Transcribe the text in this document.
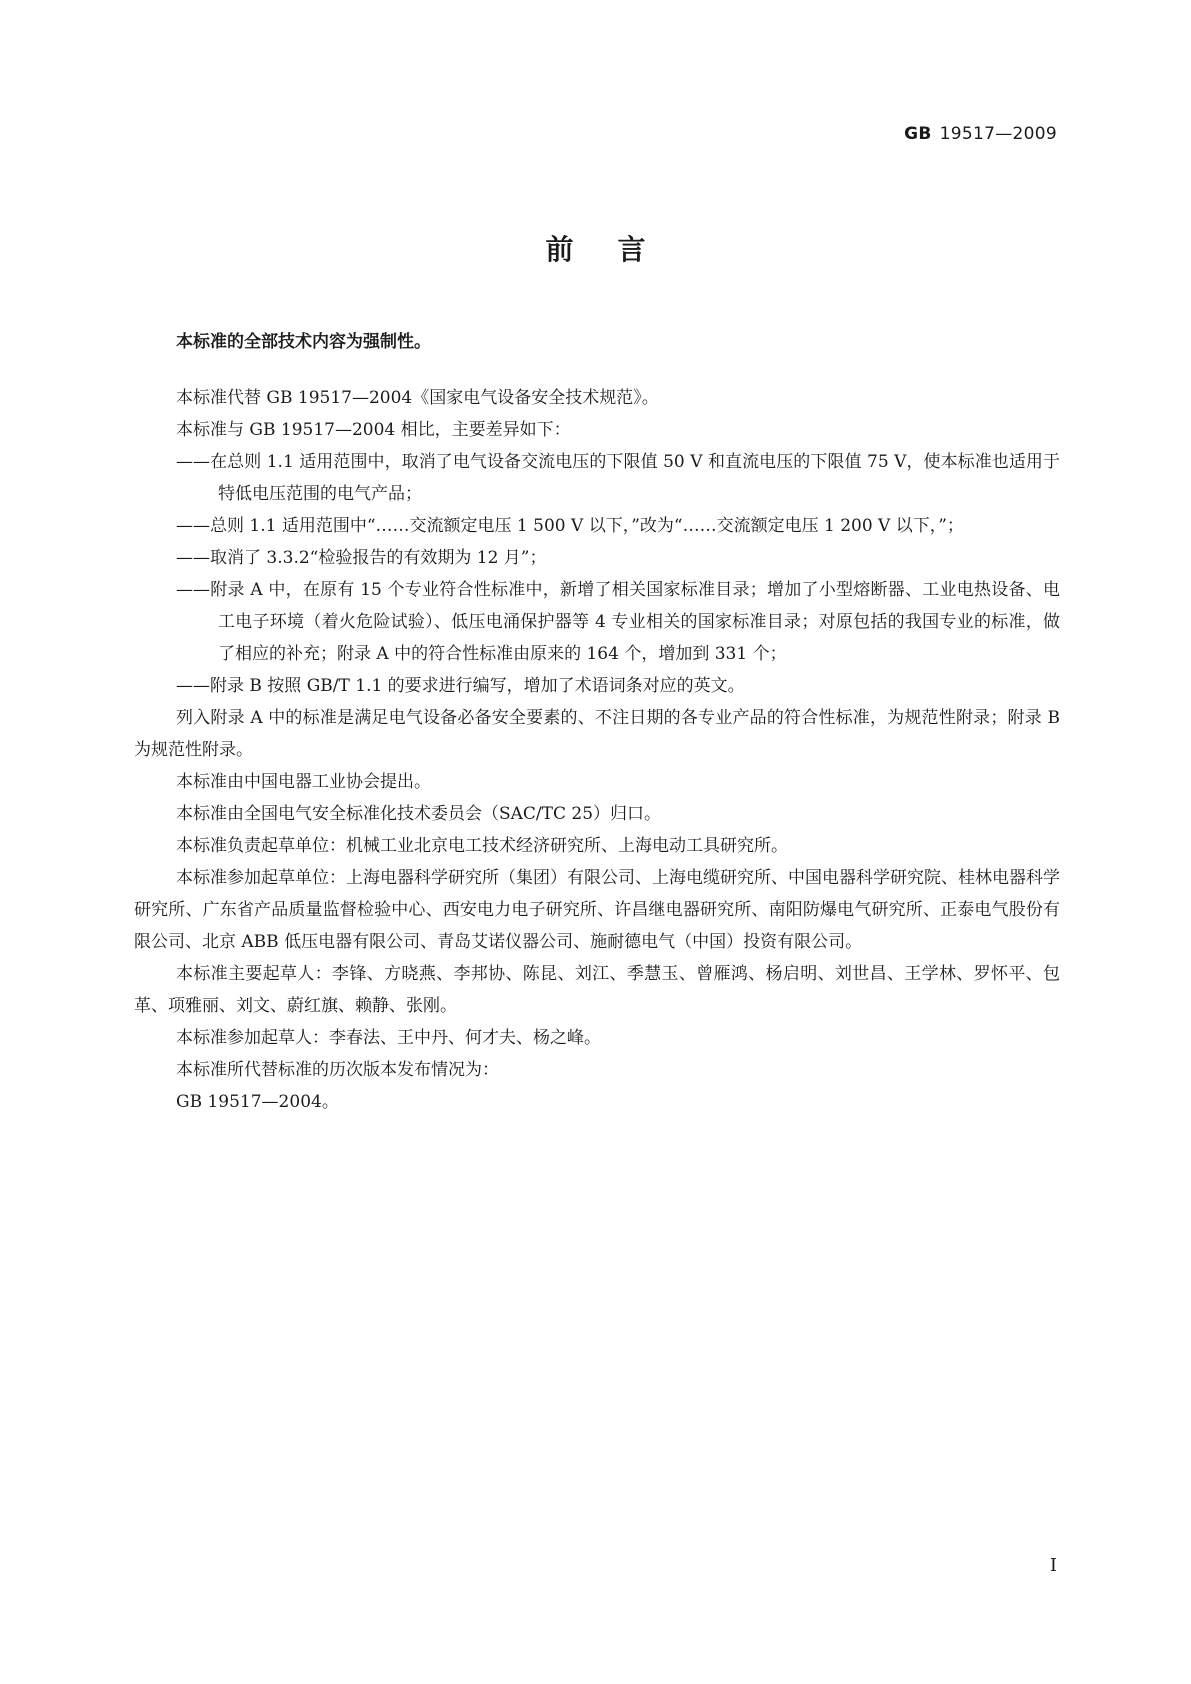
GB 19517—2009
前言
本标准的全部技术内容为强制性。

本标准代替 GB 19517—2004《国家电气设备安全技术规范》。

本标准与 GB 19517—2004 相比，主要差异如下：

——在总则 1.1 适用范围中，取消了电气设备交流电压的下限值 50 V 和直流电压的下限值 75 V，使本标准也适用于特低电压范围的电气产品；

——总则 1.1 适用范围中“……交流额定电压 1 500 V 以下，”改为“……交流额定电压 1 200 V 以下，”；

——取消了 3.3.2“检验报告的有效期为 12 月”；

——附录 A 中，在原有 15 个专业符合性标准中，新增了相关国家标准目录；增加了小型熔断器、工业电热设备、电工电子环境（着火危险试验）、低压电涌保护器等 4 专业相关的国家标准目录；对原包括的我国专业的标准，做了相应的补充；附录 A 中的符合性标准由原来的 164 个，增加到 331 个；

——附录 B 按照 GB/T 1.1 的要求进行编写，增加了术语词条对应的英文。

列入附录 A 中的标准是满足电气设备必备安全要素的、不注日期的各专业产品的符合性标准，为规范性附录；附录 B 为规范性附录。

本标准由中国电器工业协会提出。

本标准由全国电气安全标准化技术委员会（SAC/TC 25）归口。

本标准负责起草单位：机械工业北京电工技术经济研究所、上海电动工具研究所。

本标准参加起草单位：上海电器科学研究所（集团）有限公司、上海电缆研究所、中国电器科学研究院、桂林电器科学研究所、广东省产品质量监督检验中心、西安电力电子研究所、许昌继电器研究所、南阳防爆电气研究所、正泰电气股份有限公司、北京 ABB 低压电器有限公司、青岛艾诺仪器公司、施耐德电气（中国）投资有限公司。

本标准主要起草人：李锋、方晓燕、李邦协、陈昆、刘江、季慧玉、曾雁鸿、杨启明、刘世昌、王学林、罗怀平、包革、项雅丽、刘文、蔚红旗、赖静、张刚。

本标准参加起草人：李春法、王中丹、何才夫、杨之峰。

本标准所代替标准的历次版本发布情况为：

GB 19517—2004。

I
